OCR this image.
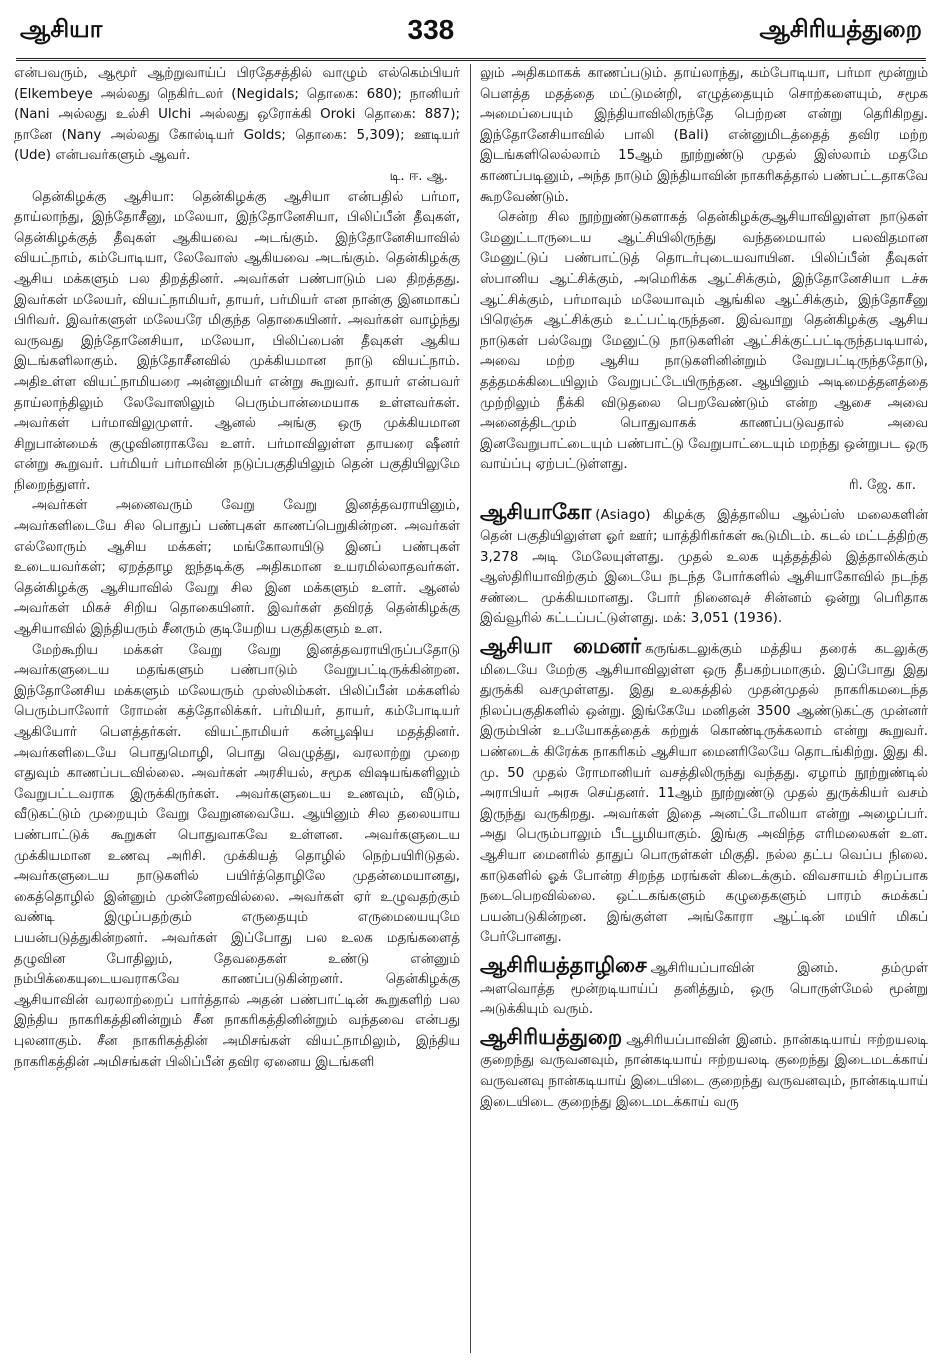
ஆசியா	338	ஆசிரியத்துறை

என்பவரும், ஆமூர் ஆற்றுவாய்ப் பிரதேசத்தில் வாழும் எல்கெம்பியர் (Elkembeye அல்லது நெகிர்டலர் (Negidals; தொகை: 680); நானியர் (Nani அல்லது உல்சி Ulchi அல்லது ஒரோக்கி Oroki தொகை: 887); நானே (Nany அல்லது கோல்டியர் Golds; தொகை: 5,309); ஊடியர் (Ude) என்பவர்களும் ஆவர்.

டி. ஈ. ஆ.

தென்கிழக்கு ஆசியா: தென்கிழக்கு ஆசியா என்பதில் பர்மா, தாய்லாந்து, இந்தோசீனு, மலேயா, இந்தோனேசியா, பிலிப்பீன் தீவுகள், தென்கிழக்குத் தீவுகள் ஆகியவை அடங்கும். இந்தோனேசியாவில் வியட்நாம், கம்போடியா, லேவோஸ் ஆகியவை அடங்கும். தென்கிழக்கு ஆசிய மக்களும் பல திறத்தினர். அவர்கள் பண்பாடும் பல திறத்தது. இவர்கள் மலேயர், வியட்நாமியர், தாயர், பர்மியர் என நான்கு இனமாகப் பிரிவர். இவர்களுள் மலேயரே மிகுந்த தொகையினர். அவர்கள் வாழ்ந்து வருவது இந்தோனேசியா, மலேயா, பிலிப்பைன் தீவுகள் ஆகிய இடங்களிலாகும். இந்தோசீனவில் முக்கியமான நாடு வியட்நாம். அதிஉள்ள வியட்நாமியரை அன்னுமியர் என்று கூறுவர். தாயர் என்பவர் தாய்லாந்திலும் லேவோஸிலும் பெரும்பான்மையாக உள்ளவர்கள். அவர்கள் பர்மாவிலுமுளர். ஆனல் அங்கு ஒரு முக்கியமான சிறுபான்மைக் குழுவினராகவே உளர். பர்மாவிலுள்ள தாயரை ஷீனர் என்று கூறுவர். பர்மியர் பர்மாவின் நடுப்பகுதியிலும் தென் பகுதியிலுமே நிறைந்துளர்.

அவர்கள் அனைவரும் வேறு வேறு இனத்தவராயினும், அவர்களிடையே சில பொதுப் பண்புகள் காணப்பெறுகின்றன. அவர்கள் எல்லோரும் ஆசிய மக்கள்; மங்கோலாயிடு இனப் பண்புகள் உடையவர்கள்; ஏறத்தாழ ஐந்தடிக்கு அதிகமான உயரமில்லாதவர்கள். தென்கிழக்கு ஆசியாவில் வேறு சில இன மக்களும் உளர். ஆனல் அவர்கள் மிகச் சிறிய தொகையினர். இவர்கள் தவிரத் தென்கிழக்கு ஆசியாவில் இந்தியரும் சீனரும் குடியேறிய பகுதிகளும் உள.

மேற்கூறிய மக்கள் வேறு வேறு இனத்தவராயிருப்பதோடு அவர்களுடைய மதங்களும் பண்பாடும் வேறுபட்டிருக்கின்றன. இந்தோனேசிய மக்களும் மலேயரும் முஸ்லிம்கள். பிலிப்பீன் மக்களில் பெரும்பாலோர் ரோமன் கத்தோலிக்கர். பர்மியர், தாயர், கம்போடியர் ஆகியோர் பௌத்தர்கள். வியட்நாமியர் கன்பூஷிய மதத்தினர். அவர்களிடையே பொதுமொழி, பொது வெழுத்து, வரலாற்று முறை எதுவும் காணப்படவில்லை. அவர்கள் அரசியல், சமூக விஷயங்களிலும் வேறுபட்டவராக இருக்கிருர்கள். அவர்களுடைய உணவும், வீடும், வீடுகட்டும் முறையும் வேறு வேறுனவையே. ஆயினும் சில தலையாய பண்பாட்டுக் கூறுகள் பொதுவாகவே உள்ளன. அவர்களுடைய முக்கியமான உணவு அரிசி. முக்கியத் தொழில் நெற்பயிரிடுதல். அவர்களுடைய நாடுகளில் பயிர்த்தொழிலே முதன்மையானது, கைத்தொழில் இன்னும் முன்னேறவில்லை. அவர்கள் ஏர் உழுவதற்கும் வண்டி இழுப்பதற்கும் எருதையும் எருமையையுமே பயன்படுத்துகின்றனர். அவர்கள் இப்போது பல உலக மதங்களைத் தழுவின போதிலும், தேவதைகள் உண்டு என்னும் நம்பிக்கையுடையவராகவே காணப்படுகின்றனர். தென்கிழக்கு ஆசியாவின் வரலாற்றைப் பார்த்தால் அதன் பண்பாட்டின் கூறுகளிற் பல இந்திய நாகரிகத்தினின்றும் சீன நாகரிகத்தினின்றும் வந்தவை என்பது புலனாகும். சீன நாகரிகத்தின் அமிசங்கள் வியட்நாமிலும், இந்திய நாகரிகத்தின் அமிசங்கள் பிலிப்பீன் தவிர ஏனைய இடங்களி

லும் அதிகமாகக் காணப்படும். தாய்லாந்து, கம்போடியா, பர்மா மூன்றும் பௌத்த மதத்தை மட்டுமன்றி, எழுத்தையும் சொற்களையும், சமூக அமைப்பையும் இந்தியாவிலிருந்தே பெற்றன என்று தெரிகிறது. இந்தோனேசியாவில் பாலி (Bali) என்னுமிடத்தைத் தவிர மற்ற இடங்களிலெல்லாம் 15ஆம் நூற்றுண்டு முதல் இஸ்லாம் மதமே காணப்படினும், அந்த நாடும் இந்தியாவின் நாகரிகத்தால் பண்பட்டதாகவே கூறவேண்டும்.

சென்ற சில நூற்றுண்டுகளாகத் தென்கிழக்குஆசியாவிலுள்ள நாடுகள் மேனுட்டாருடைய ஆட்சியிலிருந்து வந்தமையால் பலவிதமான மேனுட்டுப் பண்பாட்டுத் தொடர்புடையவாயின. பிலிப்பீன் தீவுகள் ஸ்பானிய ஆட்சிக்கும், அமெரிக்க ஆட்சிக்கும், இந்தோனேசியா டச்சு ஆட்சிக்கும், பர்மாவும் மலேயாவும் ஆங்கில ஆட்சிக்கும், இந்தோசீனு பிரெஞ்சு ஆட்சிக்கும் உட்பட்டிருந்தன. இவ்வாறு தென்கிழக்கு ஆசிய நாடுகள் பல்வேறு மேனுட்டு நாடுகளின் ஆட்சிக்குட்பட்டிருந்தபடியால், அவை மற்ற ஆசிய நாடுகளினின்றும் வேறுபட்டிருந்ததோடு, தத்தமக்கிடையிலும் வேறுபட்டேயிருந்தன. ஆயினும் அடிமைத்தனத்தை முற்றிலும் நீக்கி விடுதலை பெறவேண்டும் என்ற ஆசை அவை அனைத்திடமும் பொதுவாகக் காணப்படுவதால் அவை இனவேறுபாட்டையும் பண்பாட்டு வேறுபாட்டையும் மறந்து ஒன்றுபட ஒரு வாய்ப்பு ஏற்பட்டுள்ளது.

ரி. ஜே. கா.

ஆசியாகோ (Asiago) கிழக்கு இத்தாலிய ஆல்ப்ஸ் மலைகளின் தென் பகுதியிலுள்ள ஓர் ஊர்; யாத்திரிகர்கள் கூடுமிடம். கடல் மட்டத்திற்கு 3,278 அடி மேலேயுள்ளது. முதல் உலக யுத்தத்தில் இத்தாலிக்கும் ஆஸ்திரியாவிற்கும் இடையே நடந்த போர்களில் ஆசியாகோவில் நடந்த சண்டை முக்கியமானது. போர் நினைவுச் சின்னம் ஒன்று பெரிதாக இவ்வூரில் கட்டப்பட்டுள்ளது. மக்: 3,051 (1936).

ஆசியா மைனர் கருங்கடலுக்கும் மத்திய தரைக் கடலுக்கு மிடையே மேற்கு ஆசியாவிலுள்ள ஒரு தீபகற்பமாகும். இப்போது இது துருக்கி வசமுள்ளது. இது உலகத்தில் முதன்முதல் நாகரிகமடைந்த நிலப்பகுதிகளில் ஒன்று. இங்கேயே மனிதன் 3500 ஆண்டுகட்கு முன்னர் இரும்பின் உபயோகத்தைக் கற்றுக் கொண்டிருக்கலாம் என்று கூறுவர். பண்டைக் கிரேக்க நாகரிகம் ஆசியா மைனரிலேயே தொடங்கிற்று. இது கி. மு. 50 முதல் ரோமானியர் வசத்திலிருந்து வந்தது. ஏழாம் நூற்றுண்டில் அராபியர் அரசு செய்தனர். 11ஆம் நூற்றுண்டு முதல் துருக்கியர் வசம் இருந்து வருகிறது. அவர்கள் இதை அனட்டோலியா என்று அழைப்பர். அது பெரும்பாலும் பீடபூமியாகும். இங்கு அவிந்த எரிமலைகள் உள. ஆசியா மைனரில் தாதுப் பொருள்கள் மிகுதி. நல்ல தட்ப வெப்ப நிலை. காடுகளில் ஓக் போன்ற சிறந்த மரங்கள் கிடைக்கும். விவசாயம் சிறப்பாக நடைபெறவில்லை. ஒட்டகங்களும் கழுதைகளும் பாரம் சுமக்கப் பயன்படுகின்றன. இங்குள்ள அங்கோரா ஆட்டின் மயிர் மிகப் பேர்போனது.

ஆசிரியத்தாழிசை ஆசிரியப்பாவின் இனம். தம்முள் அளவொத்த மூன்றடியாய்ப் தனித்தும், ஒரு பொருள்மேல் மூன்று அடுக்கியும் வரும்.

ஆசிரியத்துறை ஆசிரியப்பாவின் இனம். நான்கடியாய் ஈற்றயலடி குறைந்து வருவனவும், நான்கடியாய் ஈற்றயலடி குறைந்து இடைமடக்காய் வருவனவு நான்கடியாய் இடையிடை குறைந்து வருவனவும், நான்கடியாய் இடையிடை குறைந்து இடைமடக்காய் வரு
